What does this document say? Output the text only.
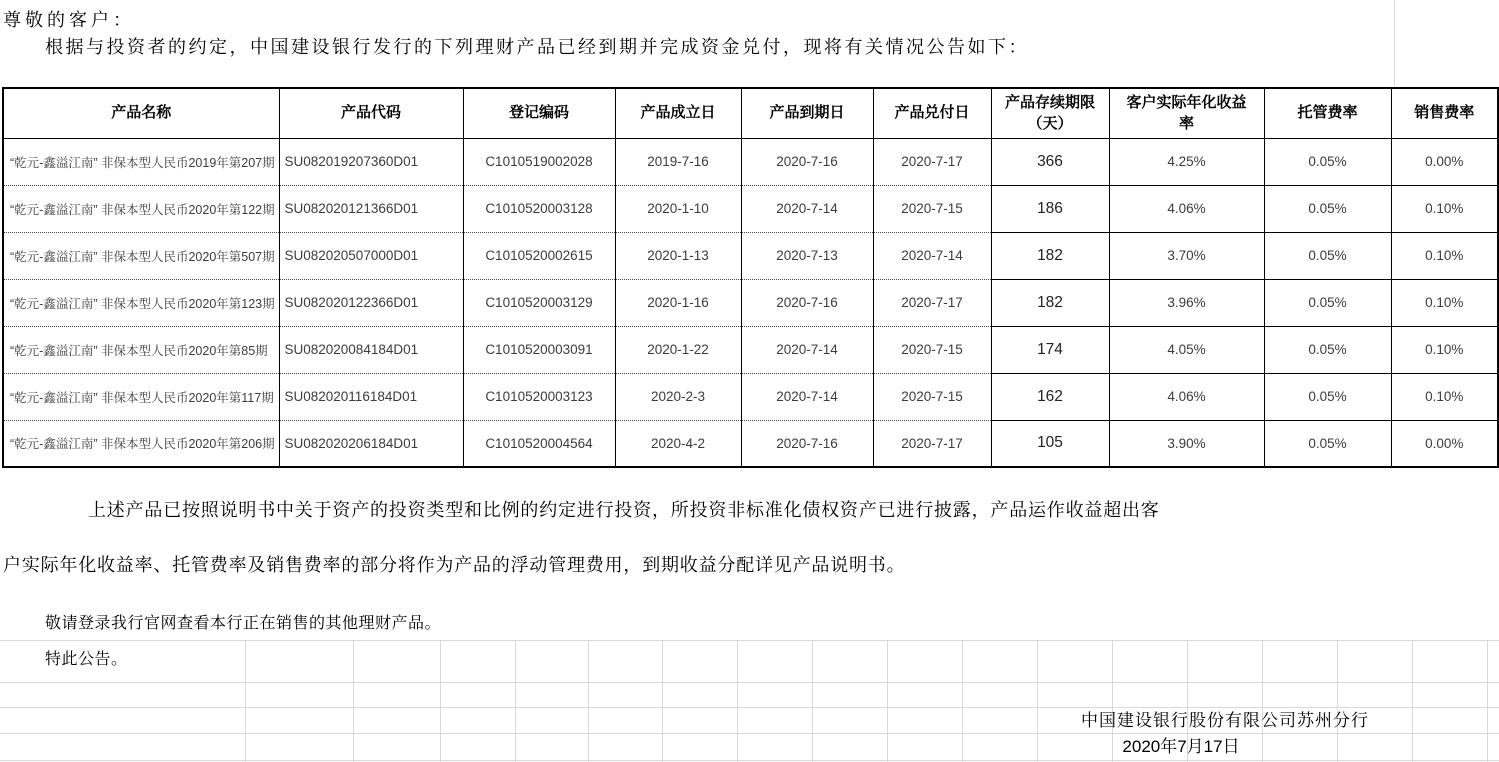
尊敬的客户：
根据与投资者的约定，中国建设银行发行的下列理财产品已经到期并完成资金兑付，现将有关情况公告如下：
产品名称	产品代码	登记编码	产品成立日	产品到期日	产品兑付日	产品存续期限（天）	客户实际年化收益率	托管费率	销售费率
“乾元-鑫溢江南” 非保本型人民币2019年第207期	SU082019207360D01	C1010519002028	2019-7-16	2020-7-16	2020-7-17	366	4.25%	0.05%	0.00%
“乾元-鑫溢江南” 非保本型人民币2020年第122期	SU082020121366D01	C1010520003128	2020-1-10	2020-7-14	2020-7-15	186	4.06%	0.05%	0.10%
“乾元-鑫溢江南” 非保本型人民币2020年第507期	SU082020507000D01	C1010520002615	2020-1-13	2020-7-13	2020-7-14	182	3.70%	0.05%	0.10%
“乾元-鑫溢江南” 非保本型人民币2020年第123期	SU082020122366D01	C1010520003129	2020-1-16	2020-7-16	2020-7-17	182	3.96%	0.05%	0.10%
“乾元-鑫溢江南” 非保本型人民币2020年第85期	SU082020084184D01	C1010520003091	2020-1-22	2020-7-14	2020-7-15	174	4.05%	0.05%	0.10%
“乾元-鑫溢江南” 非保本型人民币2020年第117期	SU082020116184D01	C1010520003123	2020-2-3	2020-7-14	2020-7-15	162	4.06%	0.05%	0.10%
“乾元-鑫溢江南” 非保本型人民币2020年第206期	SU082020206184D01	C1010520004564	2020-4-2	2020-7-16	2020-7-17	105	3.90%	0.05%	0.00%
上述产品已按照说明书中关于资产的投资类型和比例的约定进行投资，所投资非标准化债权资产已进行披露，产品运作收益超出客
户实际年化收益率、托管费率及销售费率的部分将作为产品的浮动管理费用，到期收益分配详见产品说明书。
敬请登录我行官网查看本行正在销售的其他理财产品。
特此公告。
中国建设银行股份有限公司苏州分行
2020年7月17日
